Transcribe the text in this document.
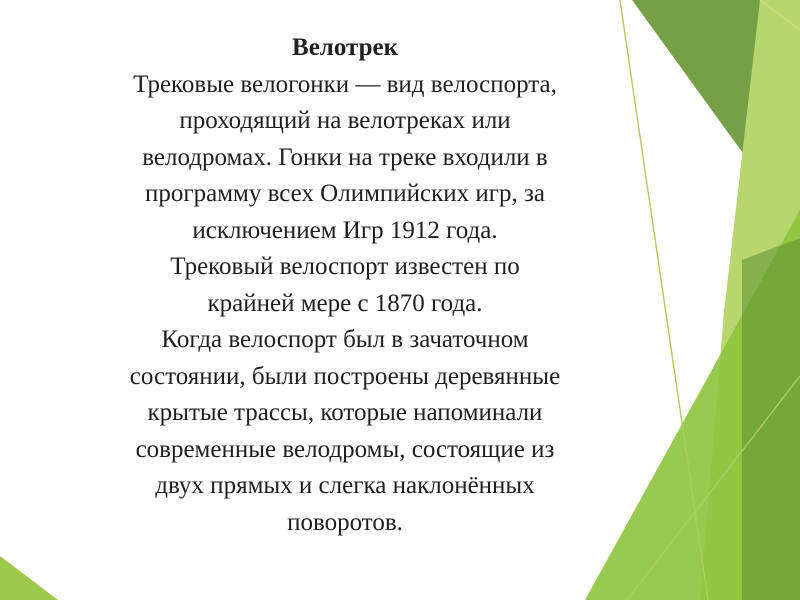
Велотрек
Трековые велогонки — вид велоспорта,
проходящий на велотреках или
велодромах. Гонки на треке входили в
программу всех Олимпийских игр, за
исключением Игр 1912 года.
Трековый велоспорт известен по
крайней мере с 1870 года.
Когда велоспорт был в зачаточном
состоянии, были построены деревянные
крытые трассы, которые напоминали
современные велодромы, состоящие из
двух прямых и слегка наклонённых
поворотов.
